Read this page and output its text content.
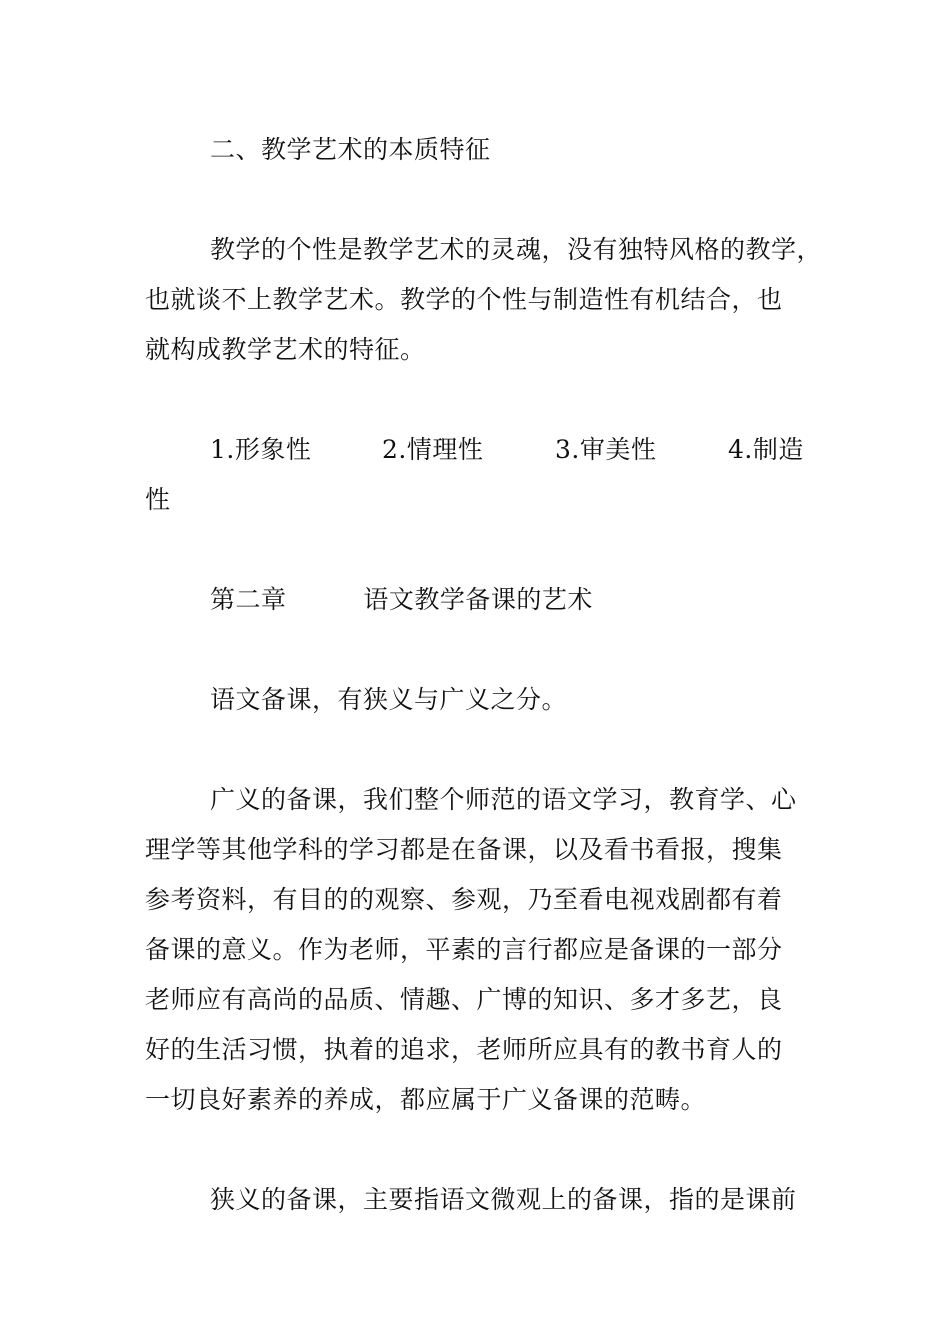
二、教学艺术的本质特征
教学的个性是教学艺术的灵魂，没有独特风格的教学，
也就谈不上教学艺术。教学的个性与制造性有机结合，也
就构成教学艺术的特征。
1.形象性	2.情理性	3.审美性	4.制造
性
第二章	语文教学备课的艺术
语文备课，有狭义与广义之分。
广义的备课，我们整个师范的语文学习，教育学、心
理学等其他学科的学习都是在备课，以及看书看报，搜集
参考资料，有目的的观察、参观，乃至看电视戏剧都有着
备课的意义。作为老师，平素的言行都应是备课的一部分
老师应有高尚的品质、情趣、广博的知识、多才多艺，良
好的生活习惯，执着的追求，老师所应具有的教书育人的
一切良好素养的养成，都应属于广义备课的范畴。
狭义的备课，主要指语文微观上的备课，指的是课前
